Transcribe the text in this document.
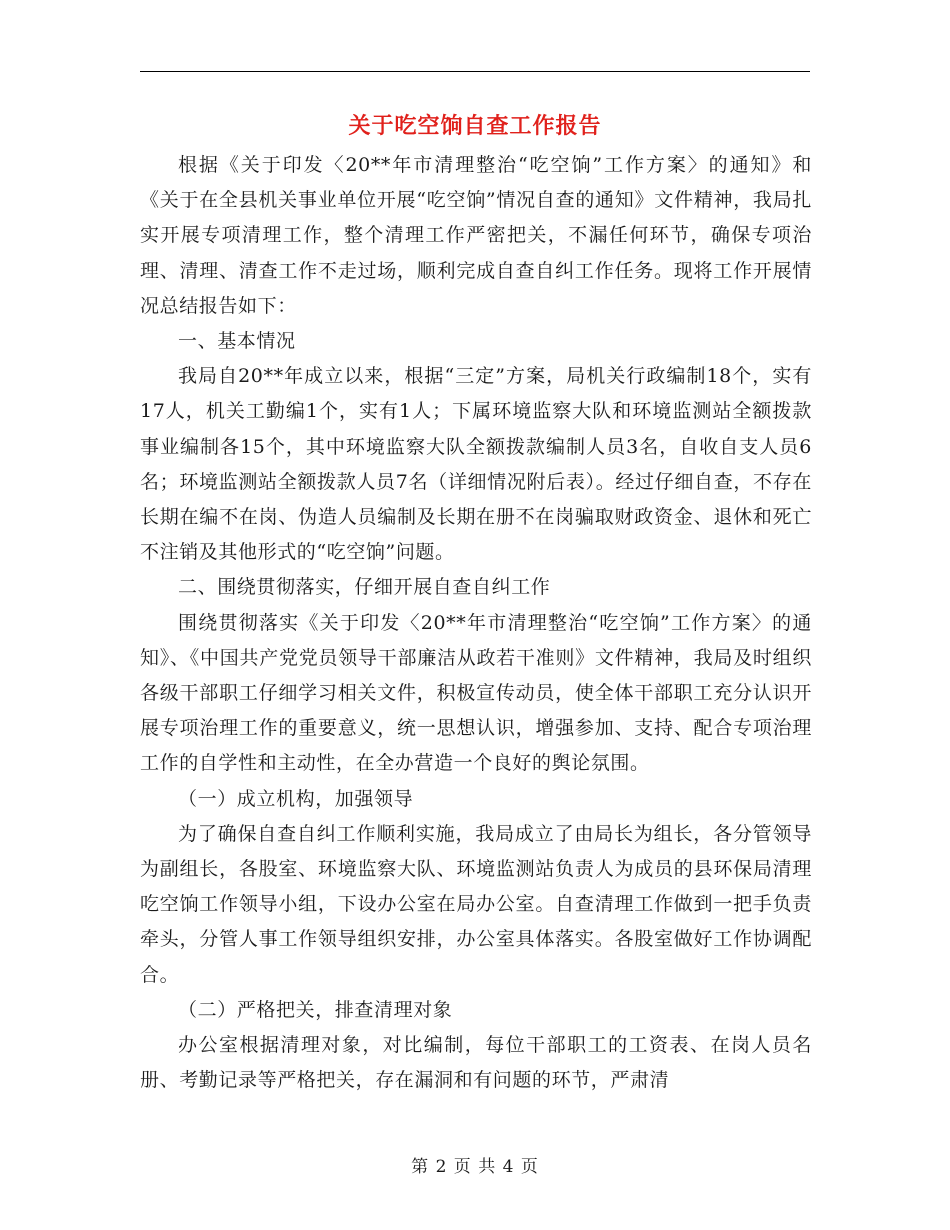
关于吃空饷自查工作报告

根据《关于印发〈20**年市清理整治“吃空饷”工作方案〉的通知》和《关于在全县机关事业单位开展“吃空饷”情况自查的通知》文件精神，我局扎实开展专项清理工作，整个清理工作严密把关，不漏任何环节，确保专项治理、清理、清查工作不走过场，顺利完成自查自纠工作任务。现将工作开展情况总结报告如下：

一、基本情况

我局自20**年成立以来，根据“三定”方案，局机关行政编制18个，实有17人，机关工勤编1个，实有1人；下属环境监察大队和环境监测站全额拨款事业编制各15个，其中环境监察大队全额拨款编制人员3名，自收自支人员6名；环境监测站全额拨款人员7名（详细情况附后表）。经过仔细自查，不存在长期在编不在岗、伪造人员编制及长期在册不在岗骗取财政资金、退休和死亡不注销及其他形式的“吃空饷”问题。

二、围绕贯彻落实，仔细开展自查自纠工作

围绕贯彻落实《关于印发〈20**年市清理整治“吃空饷”工作方案〉的通知》、《中国共产党党员领导干部廉洁从政若干准则》文件精神，我局及时组织各级干部职工仔细学习相关文件，积极宣传动员，使全体干部职工充分认识开展专项治理工作的重要意义，统一思想认识，增强参加、支持、配合专项治理工作的自学性和主动性，在全办营造一个良好的舆论氛围。

（一）成立机构，加强领导

为了确保自查自纠工作顺利实施，我局成立了由局长为组长，各分管领导为副组长，各股室、环境监察大队、环境监测站负责人为成员的县环保局清理吃空饷工作领导小组，下设办公室在局办公室。自查清理工作做到一把手负责牵头，分管人事工作领导组织安排，办公室具体落实。各股室做好工作协调配合。

（二）严格把关，排查清理对象

办公室根据清理对象，对比编制，每位干部职工的工资表、在岗人员名册、考勤记录等严格把关，存在漏洞和有问题的环节，严肃清

第 2 页 共 4 页
